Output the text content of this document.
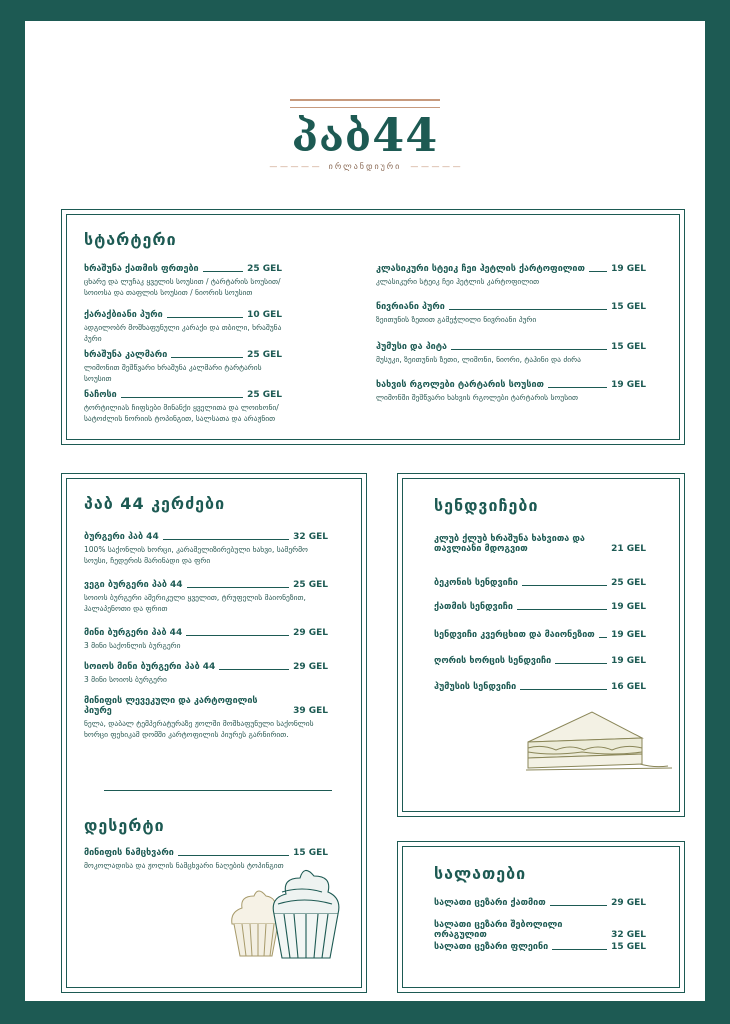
პაბ44
— — — — — ირლანდიური — — — — —
სტარტერი
ხრაშუნა ქათმის ფრთები	25 GEL
ცხარე და ლუჩაკ ყველის სოუსით / ტარტარის სოუსით/ სოიოსა და თაფლის სოუსით / ნიორის სოუსით
ქარაქბიანი პური	10 GEL
ადგილობრ მოშხაფუნული კარაქი და თბილი, ხრაშუნა პური
ხრაშუნა კალმარი	25 GEL
ლიმონით შეშწვარი ხრაშუნა კალმარი ტარტარის სოუსით
ნაჩოსი	25 GEL
ტორტილიას ჩიფსები მინანქი ყველითა და ლოიხონი/სატოძლის ნორიის ტოპინგით, სალსათა და არაჟნით
კლასიკური სტეიკ ჩეი ჰეტლის ქარტოფილით	19 GEL
კლასიკური სტეიკ ჩეი ჰეტლის კარტოფილით
ნივრიანი პური	15 GEL
ზეითუნის ზეთით გამეჭლილი ნივრიანი პური
ჰუმუსი და პიტა	15 GEL
მუსუკი, ზეითუნის ზეთი, ლიმონი, ნიორი, ტაჰინი და ძირა
ხახვის რგოლები ტარტარის სოუსით	19 GEL
ლიმონში შეშწვარი ხახვის რგოლები ტარტარის სოუსით
პაბ 44 კერძები
ბურგერი პაბ 44	32 GEL
100% საქონლის ხორცი, კარამელიზირებული ხახვი, სამერმო სოუსი, ჩედერის მარინადი და ფრი
ვეგი ბურგერი პაბ 44	25 GEL
სოიოს ბურგერი ამერიკული ყველით, ტრუფელის მაიონეზით, ჰალაპენოთი და ფრით
მინი ბურგერი პაბ 44	29 GEL
3 მინი საქონლის ბურგერი
სოიოს მინი ბურგერი პაბ 44	29 GEL
3 მინი სოიოს ბურგერი
მინიფის ლევეკული და კარტოფილის პიურე	39 GEL
ნელა, დაბალ ტემპერატურაზე ჟოლში მოშხაფუნული საქონლის ხორცი ფეხიკამ დომში კარტოფილის პიურეს გარნირით.
დესერტი
მინიფის ნამცხვარი	15 GEL
მოკოლადისა და ჟოლის ნამცხვარი ნაღების ტოპინგით
სენდვიჩები
კლუბ ქლუბ ხრაშუნა ხახვითა და თავლიანი მდოგვით	21 GEL
ბეკონის სენდვიჩი	25 GEL
ქათმის სენდვიჩი	19 GEL
სენდვიჩი კვერცხით და მაიონეზით 19 GEL
ღორის ხორცის სენდვიჩი	19 GEL
ჰუმუსის სენდვიჩი	16 GEL
სალათები
სალათი ცეზარი ქათმით	29 GEL
სალათი ცეზარი შებოლილი ორაგულით	32 GEL
სალათი ცეზარი ფლეინი	15 GEL
